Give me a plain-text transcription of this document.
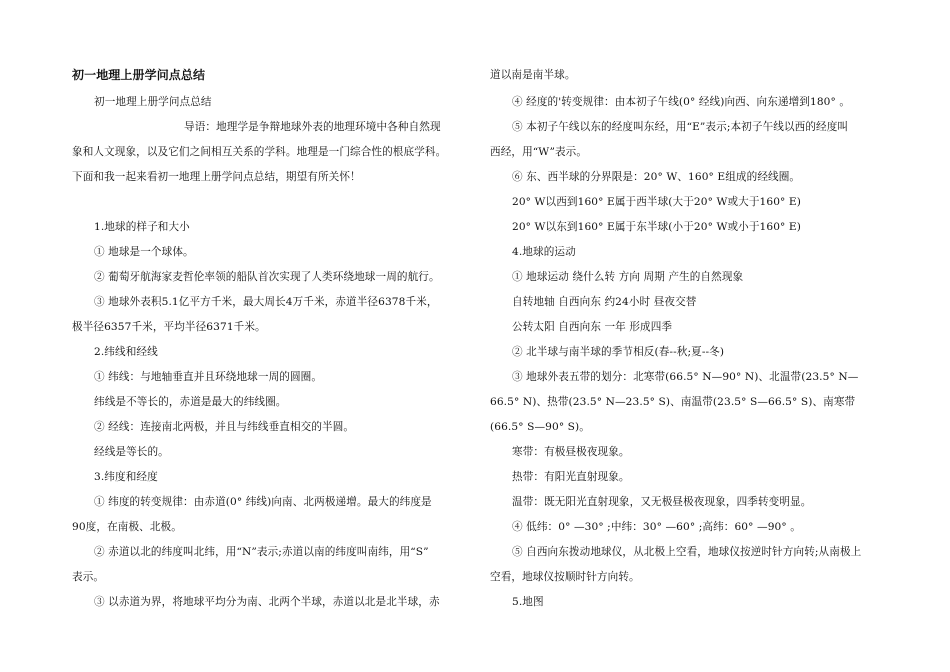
初一地理上册学问点总结
初一地理上册学问点总结
导语：地理学是争辩地球外表的地理环境中各种自然现
象和人文现象，以及它们之间相互关系的学科。地理是一门综合性的根底学科。
下面和我一起来看初一地理上册学问点总结，期望有所关怀！
1.地球的样子和大小
① 地球是一个球体。
② 葡萄牙航海家麦哲伦率领的船队首次实现了人类环绕地球一周的航行。
③ 地球外表积5.1亿平方千米，最大周长4万千米，赤道半径6378千米，
极半径6357千米，平均半径6371千米。
2.纬线和经线
① 纬线：与地轴垂直并且环绕地球一周的圆圈。
纬线是不等长的，赤道是最大的纬线圈。
② 经线：连接南北两极，并且与纬线垂直相交的半圆。
经线是等长的。
3.纬度和经度
① 纬度的转变规律：由赤道(0° 纬线)向南、北两极递增。最大的纬度是
90度，在南极、北极。
② 赤道以北的纬度叫北纬，用“N”表示;赤道以南的纬度叫南纬，用“S”
表示。
③ 以赤道为界，将地球平均分为南、北两个半球，赤道以北是北半球，赤
道以南是南半球。
④ 经度的'转变规律：由本初子午线(0° 经线)向西、向东递增到180° 。
⑤ 本初子午线以东的经度叫东经，用“E”表示;本初子午线以西的经度叫
西经，用“W”表示。
⑥ 东、西半球的分界限是：20° W、160° E组成的经线圈。
20° W以西到160° E属于西半球(大于20° W或大于160° E)
20° W以东到160° E属于东半球(小于20° W或小于160° E)
4.地球的运动
① 地球运动 绕什么转 方向 周期 产生的自然现象
自转地轴 自西向东 约24小时 昼夜交替
公转太阳 自西向东 一年 形成四季
② 北半球与南半球的季节相反(春--秋;夏--冬)
③ 地球外表五带的划分：北寒带(66.5° N—90° N)、北温带(23.5° N—
66.5° N)、热带(23.5° N—23.5° S)、南温带(23.5° S—66.5° S)、南寒带
(66.5° S—90° S)。
寒带：有极昼极夜现象。
热带：有阳光直射现象。
温带：既无阳光直射现象，又无极昼极夜现象，四季转变明显。
④ 低纬：0° —30° ;中纬：30° —60° ;高纬：60° —90° 。
⑤ 自西向东拨动地球仪，从北极上空看，地球仪按逆时针方向转;从南极上
空看，地球仪按顺时针方向转。
5.地图
